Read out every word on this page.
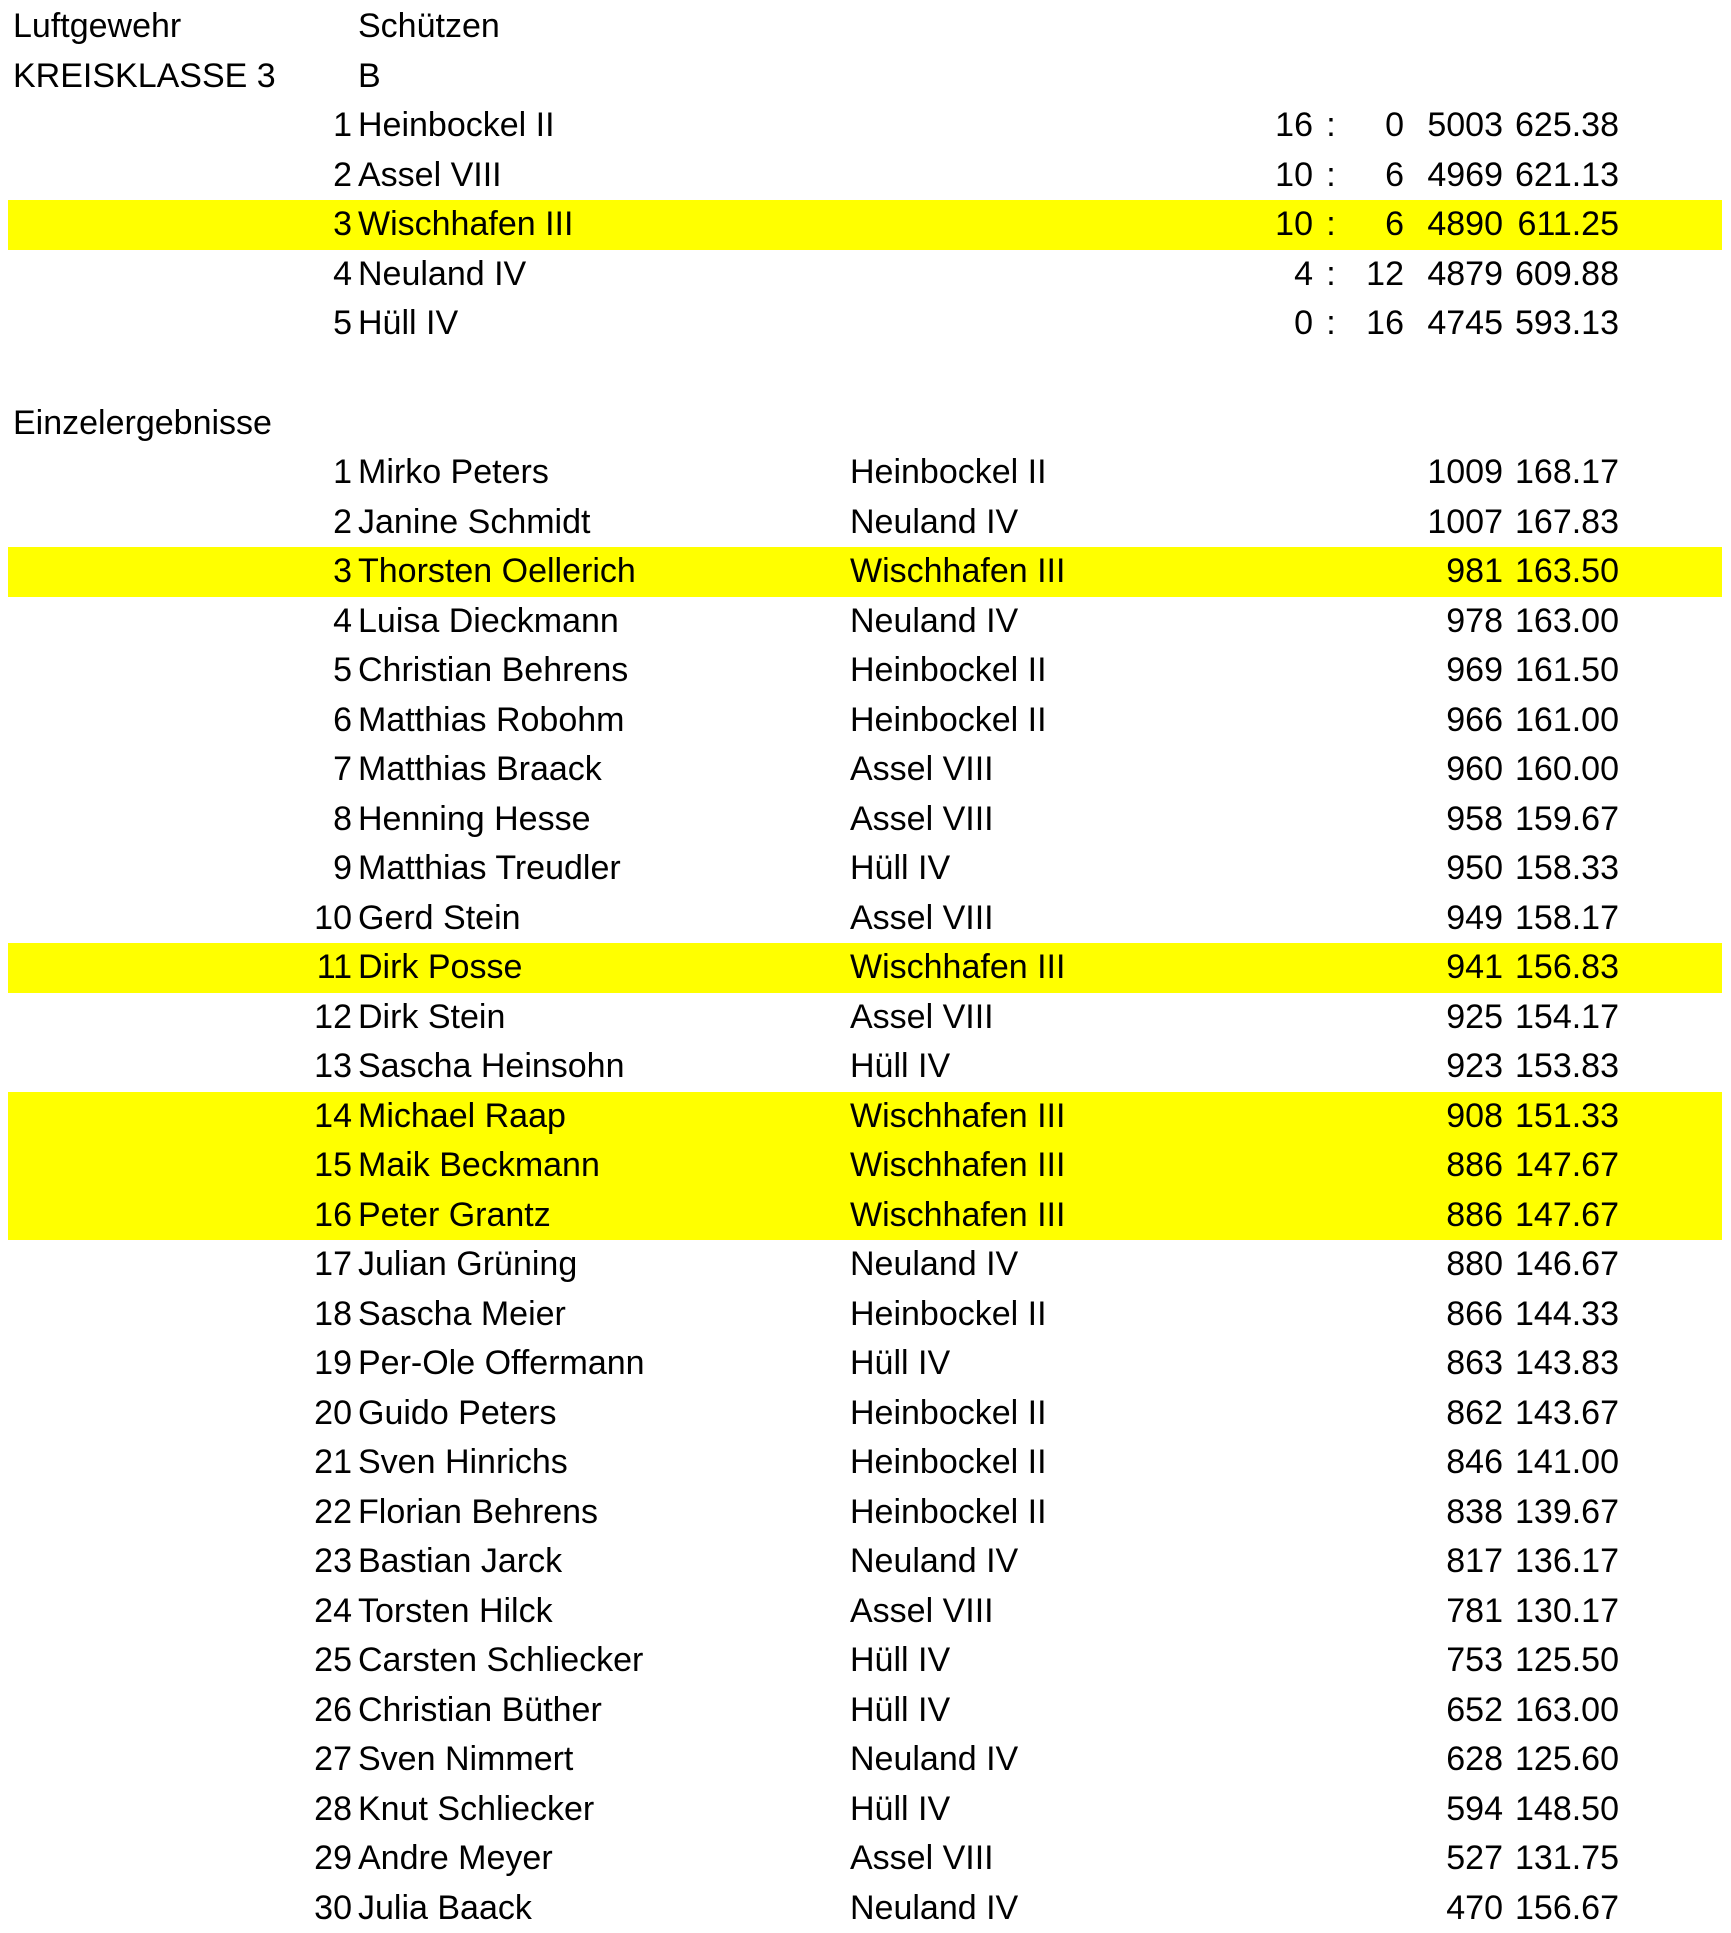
Luftgewehr	Schützen
KREISKLASSE 3 B
1 Heinbockel II	16 :	0 5003 625.38
2 Assel VIII	10 :	6 4969 621.13
3 Wischhafen III	10 :	6 4890 611.25
4 Neuland IV	4 : 12 4879 609.88
5 Hüll IV	0 : 16 4745 593.13
Einzelergebnisse
1 Mirko Peters	Heinbockel II	1009 168.17
2 Janine Schmidt	Neuland IV	1007 167.83
3 Thorsten Oellerich	Wischhafen III	981 163.50
4 Luisa Dieckmann	Neuland IV	978 163.00
5 Christian Behrens	Heinbockel II	969 161.50
6 Matthias Robohm	Heinbockel II	966 161.00
7 Matthias Braack	Assel VIII	960 160.00
8 Henning Hesse	Assel VIII	958 159.67
9 Matthias Treudler	Hüll IV	950 158.33
10 Gerd Stein	Assel VIII	949 158.17
11 Dirk Posse	Wischhafen III	941 156.83
12 Dirk Stein	Assel VIII	925 154.17
13 Sascha Heinsohn	Hüll IV	923 153.83
14 Michael Raap	Wischhafen III	908 151.33
15 Maik Beckmann	Wischhafen III	886 147.67
16 Peter Grantz	Wischhafen III	886 147.67
17 Julian Grüning	Neuland IV	880 146.67
18 Sascha Meier	Heinbockel II	866 144.33
19 Per-Ole Offermann	Hüll IV	863 143.83
20 Guido Peters	Heinbockel II	862 143.67
21 Sven Hinrichs	Heinbockel II	846 141.00
22 Florian Behrens	Heinbockel II	838 139.67
23 Bastian Jarck	Neuland IV	817 136.17
24 Torsten Hilck	Assel VIII	781 130.17
25 Carsten Schliecker	Hüll IV	753 125.50
26 Christian Büther	Hüll IV	652 163.00
27 Sven Nimmert	Neuland IV	628 125.60
28 Knut Schliecker	Hüll IV	594 148.50
29 Andre Meyer	Assel VIII	527 131.75
30 Julia Baack	Neuland IV	470 156.67
